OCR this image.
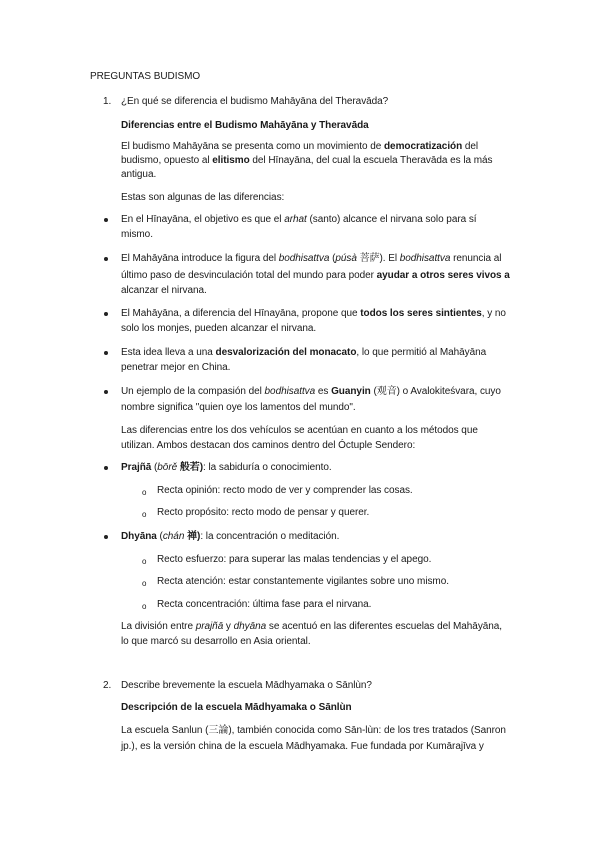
PREGUNTAS BUDISMO
1. ¿En qué se diferencia el budismo Mahāyāna del Theravāda?
Diferencias entre el Budismo Mahāyāna y Theravāda
El budismo Mahāyāna se presenta como un movimiento de democratización del
budismo, opuesto al elitismo del Hīnayāna, del cual la escuela Theravāda es la más
antigua.
Estas son algunas de las diferencias:
En el Hīnayāna, el objetivo es que el arhat (santo) alcance el nirvana solo para sí
mismo.
El Mahāyāna introduce la figura del bodhisattva (púsà 菩萨). El bodhisattva renuncia al
último paso de desvinculación total del mundo para poder ayudar a otros seres vivos a
alcanzar el nirvana.
El Mahāyāna, a diferencia del Hīnayāna, propone que todos los seres sintientes, y no
solo los monjes, pueden alcanzar el nirvana.
Esta idea lleva a una desvalorización del monacato, lo que permitió al Mahāyāna
penetrar mejor en China.
Un ejemplo de la compasión del bodhisattva es Guanyin (观音) o Avalokiteśvara, cuyo
nombre significa "quien oye los lamentos del mundo".
Las diferencias entre los dos vehículos se acentúan en cuanto a los métodos que
utilizan. Ambos destacan dos caminos dentro del Óctuple Sendero:
Prajñā (bōrě 般若): la sabiduría o conocimiento.
o Recta opinión: recto modo de ver y comprender las cosas.
o Recto propósito: recto modo de pensar y querer.
Dhyāna (chán 禅): la concentración o meditación.
o Recto esfuerzo: para superar las malas tendencias y el apego.
o Recta atención: estar constantemente vigilantes sobre uno mismo.
o Recta concentración: última fase para el nirvana.
La división entre prajñā y dhyāna se acentuó en las diferentes escuelas del Mahāyāna,
lo que marcó su desarrollo en Asia oriental.
2. Describe brevemente la escuela Mādhyamaka o Sānlùn?
Descripción de la escuela Mādhyamaka o Sānlùn
La escuela Sanlun (三論), también conocida como Sān-lùn: de los tres tratados (Sanron
jp.), es la versión china de la escuela Mādhyamaka. Fue fundada por Kumārajīva y
